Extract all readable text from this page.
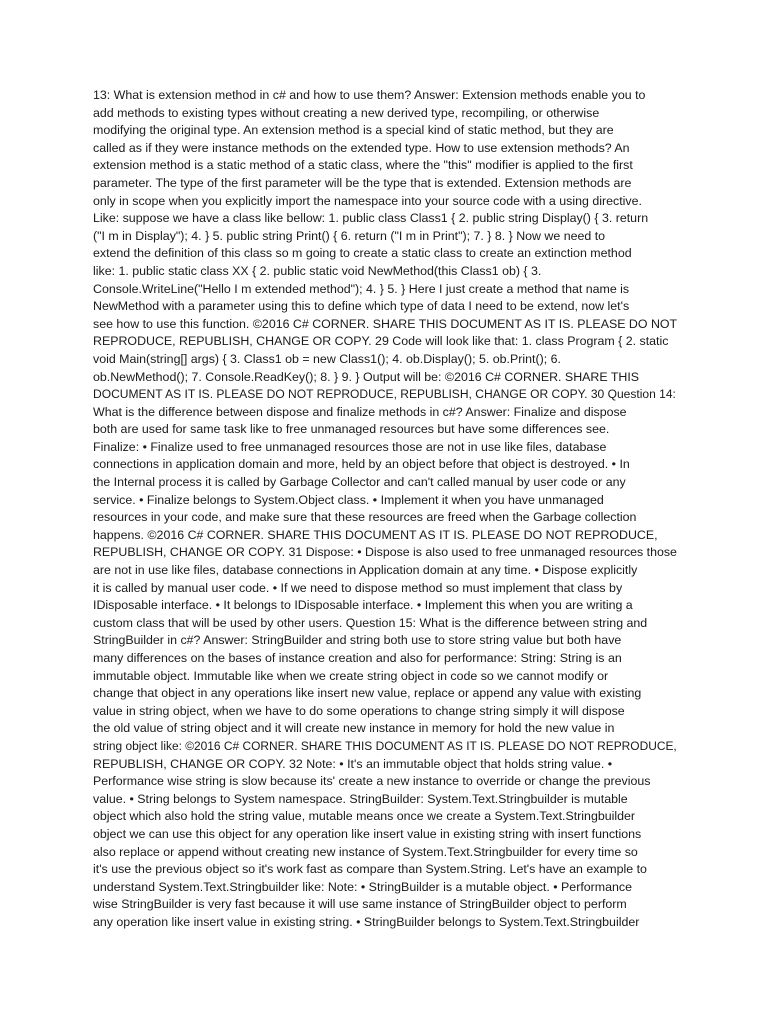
13: What is extension method in c# and how to use them? Answer: Extension methods enable you to
add methods to existing types without creating a new derived type, recompiling, or otherwise
modifying the original type. An extension method is a special kind of static method, but they are
called as if they were instance methods on the extended type. How to use extension methods? An
extension method is a static method of a static class, where the "this" modifier is applied to the first
parameter. The type of the first parameter will be the type that is extended. Extension methods are
only in scope when you explicitly import the namespace into your source code with a using directive.
Like: suppose we have a class like bellow: 1. public class Class1 { 2. public string Display() { 3. return
("I m in Display"); 4. } 5. public string Print() { 6. return ("I m in Print"); 7. } 8. } Now we need to
extend the definition of this class so m going to create a static class to create an extinction method
like: 1. public static class XX { 2. public static void NewMethod(this Class1 ob) { 3.
Console.WriteLine("Hello I m extended method"); 4. } 5. } Here I just create a method that name is
NewMethod with a parameter using this to define which type of data I need to be extend, now let's
see how to use this function. ©2016 C# CORNER. SHARE THIS DOCUMENT AS IT IS. PLEASE DO NOT
REPRODUCE, REPUBLISH, CHANGE OR COPY. 29 Code will look like that: 1. class Program { 2. static
void Main(string[] args) { 3. Class1 ob = new Class1(); 4. ob.Display(); 5. ob.Print(); 6.
ob.NewMethod(); 7. Console.ReadKey(); 8. } 9. } Output will be: ©2016 C# CORNER. SHARE THIS
DOCUMENT AS IT IS. PLEASE DO NOT REPRODUCE, REPUBLISH, CHANGE OR COPY. 30 Question 14:
What is the difference between dispose and finalize methods in c#? Answer: Finalize and dispose
both are used for same task like to free unmanaged resources but have some differences see.
Finalize: • Finalize used to free unmanaged resources those are not in use like files, database
connections in application domain and more, held by an object before that object is destroyed. • In
the Internal process it is called by Garbage Collector and can't called manual by user code or any
service. • Finalize belongs to System.Object class. • Implement it when you have unmanaged
resources in your code, and make sure that these resources are freed when the Garbage collection
happens. ©2016 C# CORNER. SHARE THIS DOCUMENT AS IT IS. PLEASE DO NOT REPRODUCE,
REPUBLISH, CHANGE OR COPY. 31 Dispose: • Dispose is also used to free unmanaged resources those
are not in use like files, database connections in Application domain at any time. • Dispose explicitly
it is called by manual user code. • If we need to dispose method so must implement that class by
IDisposable interface. • It belongs to IDisposable interface. • Implement this when you are writing a
custom class that will be used by other users. Question 15: What is the difference between string and
StringBuilder in c#? Answer: StringBuilder and string both use to store string value but both have
many differences on the bases of instance creation and also for performance: String: String is an
immutable object. Immutable like when we create string object in code so we cannot modify or
change that object in any operations like insert new value, replace or append any value with existing
value in string object, when we have to do some operations to change string simply it will dispose
the old value of string object and it will create new instance in memory for hold the new value in
string object like: ©2016 C# CORNER. SHARE THIS DOCUMENT AS IT IS. PLEASE DO NOT REPRODUCE,
REPUBLISH, CHANGE OR COPY. 32 Note: • It's an immutable object that holds string value. •
Performance wise string is slow because its' create a new instance to override or change the previous
value. • String belongs to System namespace. StringBuilder: System.Text.Stringbuilder is mutable
object which also hold the string value, mutable means once we create a System.Text.Stringbuilder
object we can use this object for any operation like insert value in existing string with insert functions
also replace or append without creating new instance of System.Text.Stringbuilder for every time so
it's use the previous object so it's work fast as compare than System.String. Let's have an example to
understand System.Text.Stringbuilder like: Note: • StringBuilder is a mutable object. • Performance
wise StringBuilder is very fast because it will use same instance of StringBuilder object to perform
any operation like insert value in existing string. • StringBuilder belongs to System.Text.Stringbuilder
